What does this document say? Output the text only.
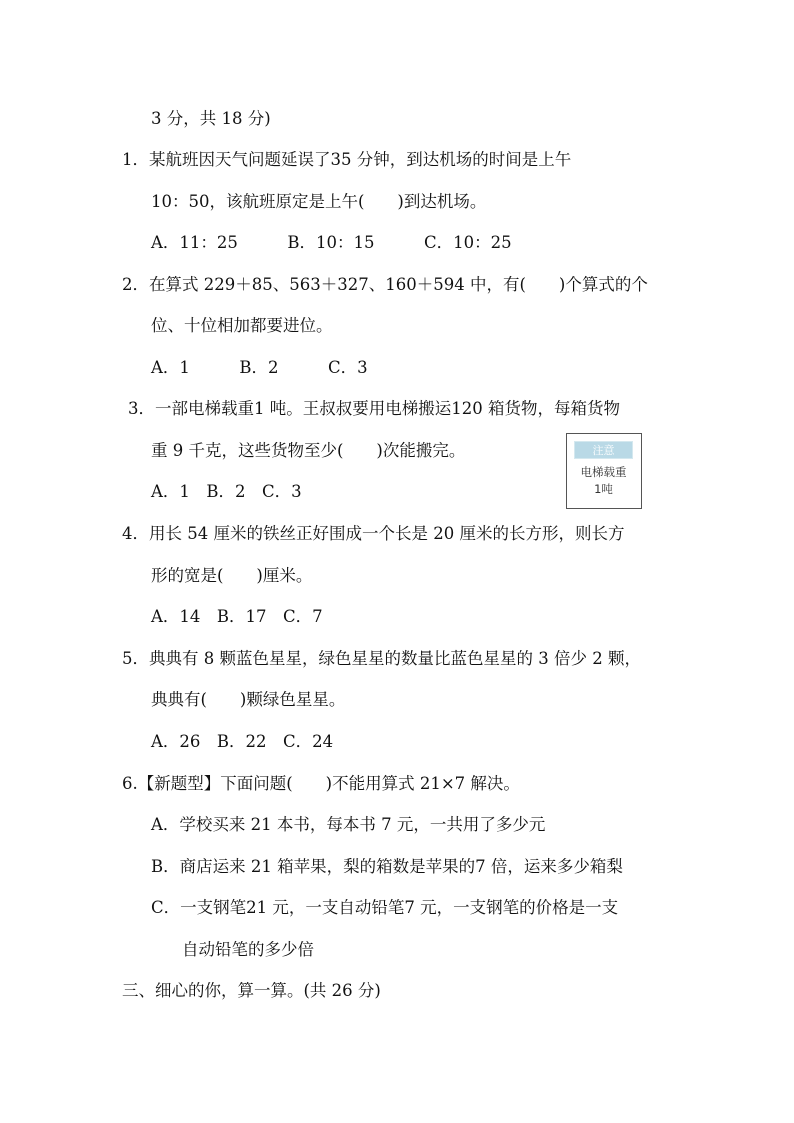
3 分，共 18 分)
1．某航班因天气问题延误了35 分钟，到达机场的时间是上午
10：50，该航班原定是上午(　　)到达机场。
A．11：25　　　B．10：15　　　C．10：25
2．在算式 229＋85、563＋327、160＋594 中，有(　　)个算式的个
位、十位相加都要进位。
A．1　　　B．2　　　C．3
3．一部电梯载重1 吨。王叔叔要用电梯搬运120 箱货物，每箱货物
重 9 千克，这些货物至少(　　)次能搬完。
A．1　B．2　C．3
注意
电梯载重
1吨
4．用长 54 厘米的铁丝正好围成一个长是 20 厘米的长方形，则长方
形的宽是(　　)厘米。
A．14　B．17　C．7
5．典典有 8 颗蓝色星星，绿色星星的数量比蓝色星星的 3 倍少 2 颗，
典典有(　　)颗绿色星星。
A．26　B．22　C．24
6.【新题型】下面问题(　　)不能用算式 21×7 解决。
A．学校买来 21 本书，每本书 7 元，一共用了多少元
B．商店运来 21 箱苹果，梨的箱数是苹果的7 倍，运来多少箱梨
C．一支钢笔21 元，一支自动铅笔7 元，一支钢笔的价格是一支
自动铅笔的多少倍
三、细心的你，算一算。(共 26 分)
